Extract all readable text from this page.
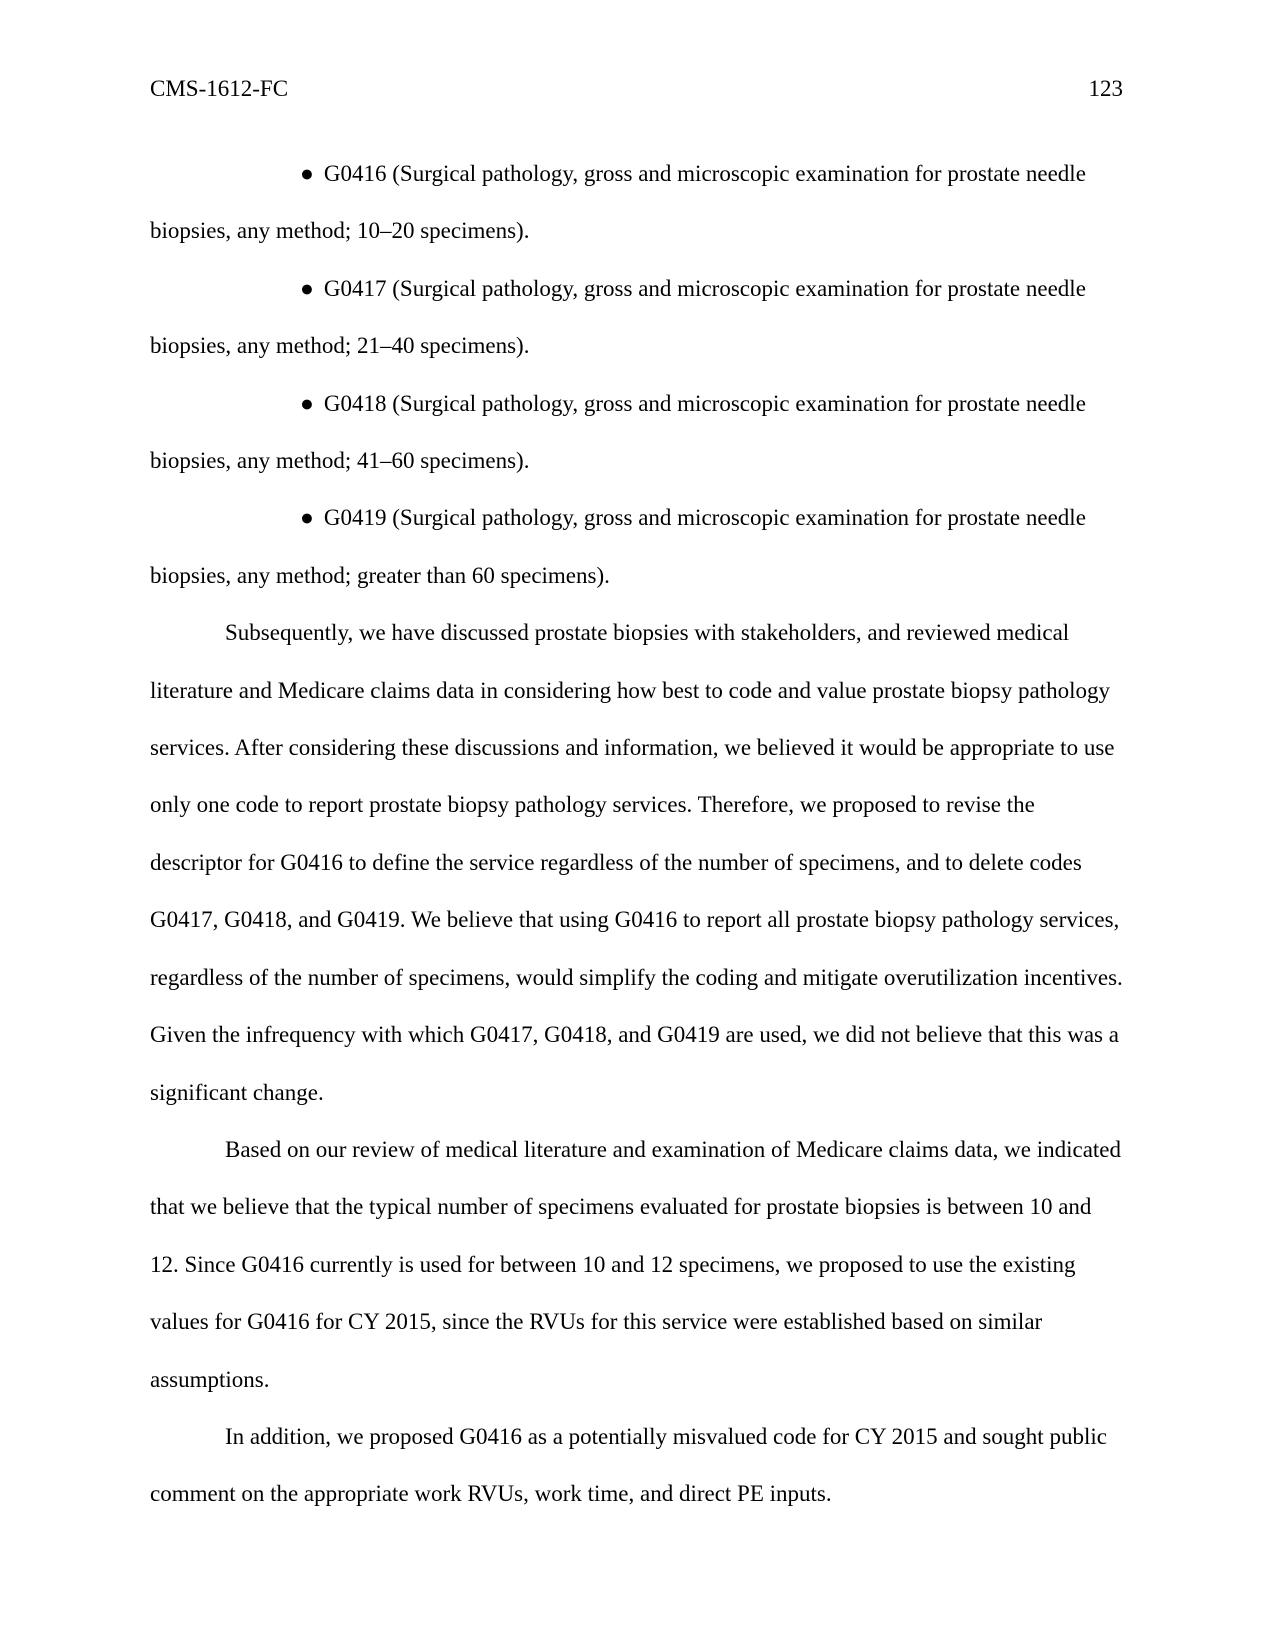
CMS-1612-FC	123

● G0416 (Surgical pathology, gross and microscopic examination for prostate needle biopsies, any method; 10–20 specimens).

● G0417 (Surgical pathology, gross and microscopic examination for prostate needle biopsies, any method; 21–40 specimens).

● G0418 (Surgical pathology, gross and microscopic examination for prostate needle biopsies, any method; 41–60 specimens).

● G0419 (Surgical pathology, gross and microscopic examination for prostate needle biopsies, any method; greater than 60 specimens).

Subsequently, we have discussed prostate biopsies with stakeholders, and reviewed medical literature and Medicare claims data in considering how best to code and value prostate biopsy pathology services. After considering these discussions and information, we believed it would be appropriate to use only one code to report prostate biopsy pathology services. Therefore, we proposed to revise the descriptor for G0416 to define the service regardless of the number of specimens, and to delete codes G0417, G0418, and G0419. We believe that using G0416 to report all prostate biopsy pathology services, regardless of the number of specimens, would simplify the coding and mitigate overutilization incentives. Given the infrequency with which G0417, G0418, and G0419 are used, we did not believe that this was a significant change.

Based on our review of medical literature and examination of Medicare claims data, we indicated that we believe that the typical number of specimens evaluated for prostate biopsies is between 10 and 12. Since G0416 currently is used for between 10 and 12 specimens, we proposed to use the existing values for G0416 for CY 2015, since the RVUs for this service were established based on similar assumptions.

In addition, we proposed G0416 as a potentially misvalued code for CY 2015 and sought public comment on the appropriate work RVUs, work time, and direct PE inputs.
